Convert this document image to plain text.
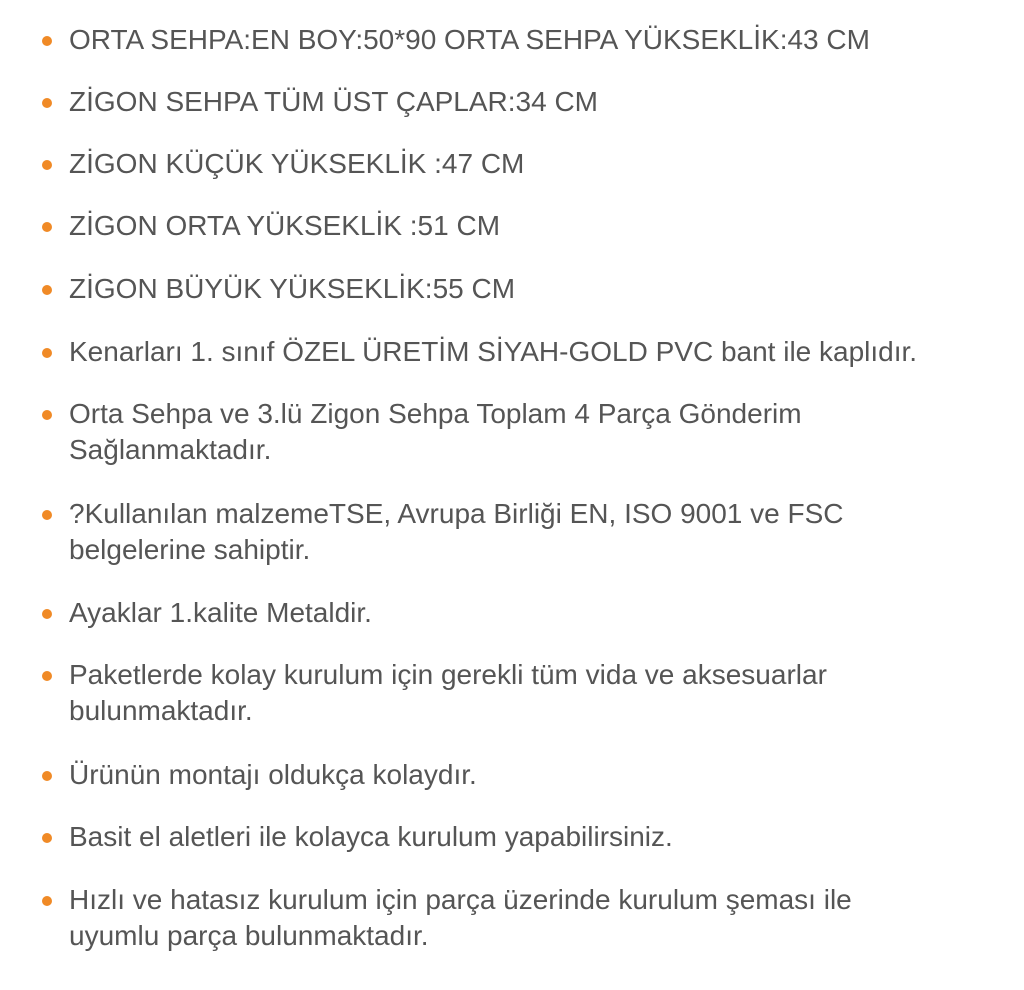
ORTA SEHPA:EN BOY:50*90 ORTA SEHPA YÜKSEKLİK:43 CM
ZİGON SEHPA TÜM ÜST ÇAPLAR:34 CM
ZİGON KÜÇÜK YÜKSEKLİK :47 CM
ZİGON ORTA YÜKSEKLİK :51 CM
ZİGON BÜYÜK YÜKSEKLİK:55 CM
Kenarları 1. sınıf ÖZEL ÜRETİM SİYAH-GOLD PVC bant ile kaplıdır.
Orta Sehpa ve 3.lü Zigon Sehpa Toplam 4 Parça Gönderim Sağlanmaktadır.
?Kullanılan malzemeTSE, Avrupa Birliği EN, ISO 9001 ve FSC belgelerine sahiptir.
Ayaklar 1.kalite Metaldir.
Paketlerde kolay kurulum için gerekli tüm vida ve aksesuarlar bulunmaktadır.
Ürünün montajı oldukça kolaydır.
Basit el aletleri ile kolayca kurulum yapabilirsiniz.
Hızlı ve hatasız kurulum için parça üzerinde kurulum şeması ile uyumlu parça bulunmaktadır.
